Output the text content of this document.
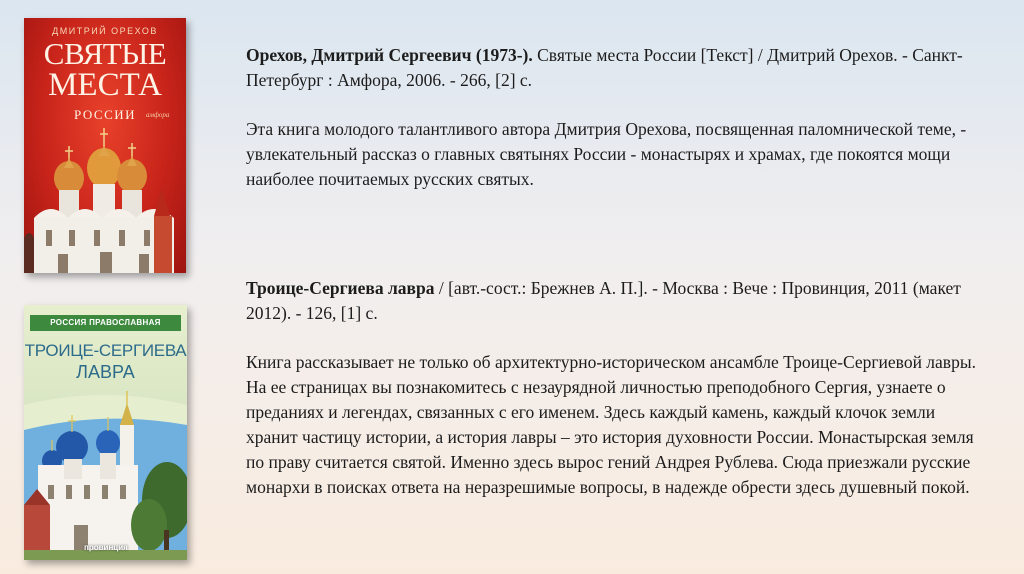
ДМИТРИЙ ОРЕХОВ
СВЯТЫЕ
МЕСТА
РОССИИ	амфора
РОССИЯ ПРАВОСЛАВНАЯ
ТРОИЦЕ-СЕРГИЕВА
ЛАВРА
провинция

Орехов, Дмитрий Сергеевич (1973-). Святые места России [Текст] / Дмитрий Орехов. - Санкт-Петербург : Амфора, 2006. - 266, [2] с.

Эта книга молодого талантливого автора Дмитрия Орехова, посвященная паломнической теме, - увлекательный рассказ о главных святынях России - монастырях и храмах, где покоятся мощи наиболее почитаемых русских святых.

Троице-Сергиева лавра / [авт.-сост.: Брежнев А. П.]. - Москва : Вече : Провинция, 2011 (макет 2012). - 126, [1] с.

Книга рассказывает не только об архитектурно-историческом ансамбле Троице-Сергиевой лавры. На ее страницах вы познакомитесь с незаурядной личностью преподобного Сергия, узнаете о преданиях и легендах, связанных с его именем. Здесь каждый камень, каждый клочок земли хранит частицу истории, а история лавры – это история духовности России. Монастырская земля по праву считается святой. Именно здесь вырос гений Андрея Рублева. Сюда приезжали русские монархи в поисках ответа на неразрешимые вопросы, в надежде обрести здесь душевный покой.
